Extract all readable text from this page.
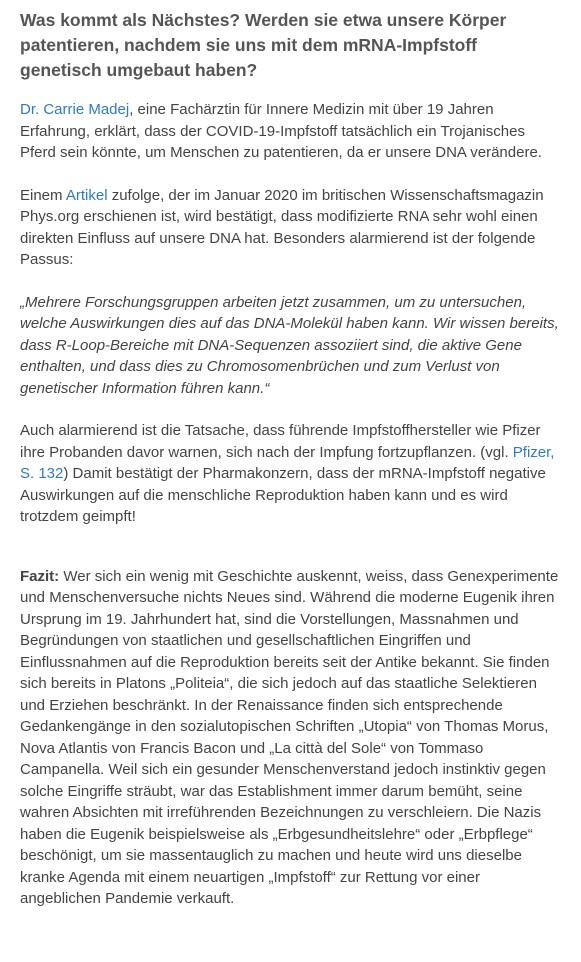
Was kommt als Nächstes? Werden sie etwa unsere Körper patentieren, nachdem sie uns mit dem mRNA-Impfstoff genetisch umgebaut haben?

Dr. Carrie Madej, eine Fachärztin für Innere Medizin mit über 19 Jahren Erfahrung, erklärt, dass der COVID-19-Impfstoff tatsächlich ein Trojanisches Pferd sein könnte, um Menschen zu patentieren, da er unsere DNA verändere.

Einem Artikel zufolge, der im Januar 2020 im britischen Wissenschaftsmagazin Phys.org erschienen ist, wird bestätigt, dass modifizierte RNA sehr wohl einen direkten Einfluss auf unsere DNA hat. Besonders alarmierend ist der folgende Passus:

„Mehrere Forschungsgruppen arbeiten jetzt zusammen, um zu untersuchen, welche Auswirkungen dies auf das DNA-Molekül haben kann. Wir wissen bereits, dass R-Loop-Bereiche mit DNA-Sequenzen assoziiert sind, die aktive Gene enthalten, und dass dies zu Chromosomenbrüchen und zum Verlust von genetischer Information führen kann.“

Auch alarmierend ist die Tatsache, dass führende Impfstoffhersteller wie Pfizer ihre Probanden davor warnen, sich nach der Impfung fortzupflanzen. (vgl. Pfizer, S. 132) Damit bestätigt der Pharmakonzern, dass der mRNA-Impfstoff negative Auswirkungen auf die menschliche Reproduktion haben kann und es wird trotzdem geimpft!

Fazit: Wer sich ein wenig mit Geschichte auskennt, weiss, dass Genexperimente und Menschenversuche nichts Neues sind. Während die moderne Eugenik ihren Ursprung im 19. Jahrhundert hat, sind die Vorstellungen, Massnahmen und Begründungen von staatlichen und gesellschaftlichen Eingriffen und Einflussnahmen auf die Reproduktion bereits seit der Antike bekannt. Sie finden sich bereits in Platons „Politeia“, die sich jedoch auf das staatliche Selektieren und Erziehen beschränkt. In der Renaissance finden sich entsprechende Gedankengänge in den sozialutopischen Schriften „Utopia“ von Thomas Morus, Nova Atlantis von Francis Bacon und „La città del Sole“ von Tommaso Campanella. Weil sich ein gesunder Menschenverstand jedoch instinktiv gegen solche Eingriffe sträubt, war das Establishment immer darum bemüht, seine wahren Absichten mit irreführenden Bezeichnungen zu verschleiern. Die Nazis haben die Eugenik beispielsweise als „Erbgesundheitslehre“ oder „Erbpflege“ beschönigt, um sie massentauglich zu machen und heute wird uns dieselbe kranke Agenda mit einem neuartigen „Impfstoff“ zur Rettung vor einer angeblichen Pandemie verkauft.
